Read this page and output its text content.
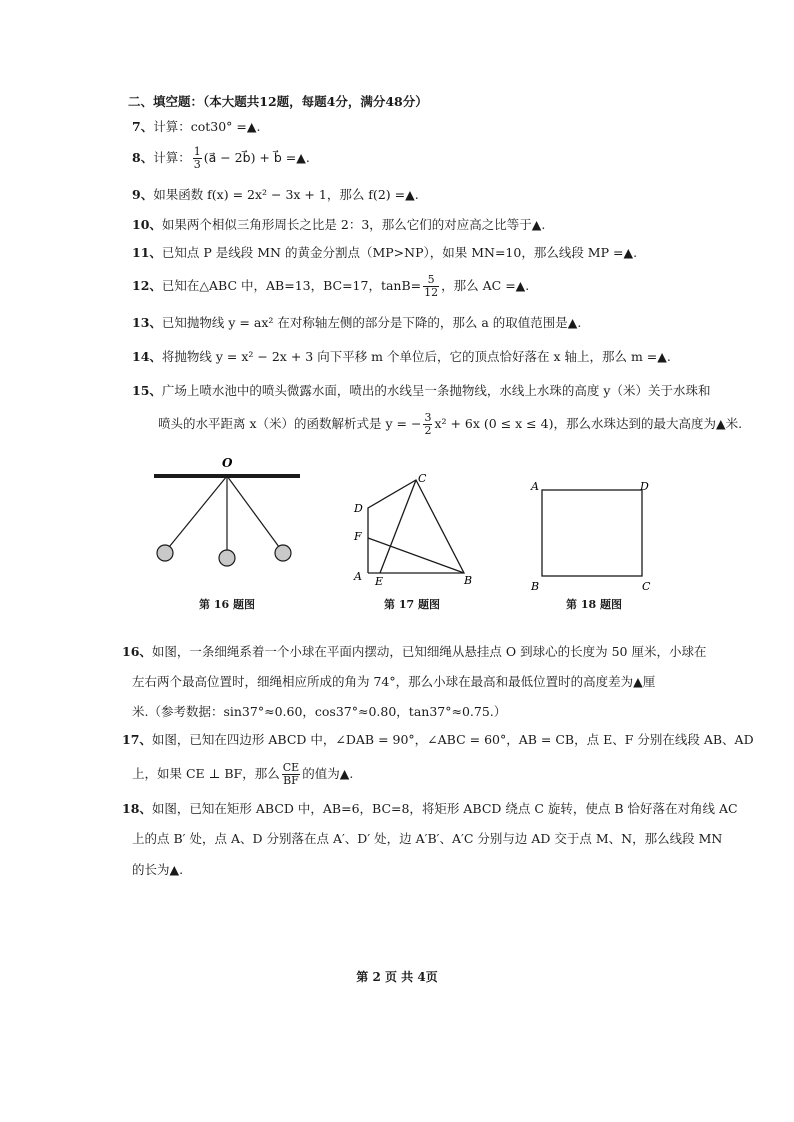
二、填空题：（本大题共12题，每题4分，满分48分）
7、计算：cot30° =▲.
8、计算： $\frac{1}{3}$ (a⃗ − 2b⃗) + b⃗ =▲.
9、如果函数 f(x) = 2x² − 3x + 1，那么 f(2) =▲.
10、如果两个相似三角形周长之比是 2：3，那么它们的对应高之比等于▲.
11、已知点 P 是线段 MN 的黄金分割点（MP>NP），如果 MN=10，那么线段 MP =▲.
12、已知在△ABC 中，AB=13，BC=17，$\tan B= \frac{5}{12}$ ，那么 AC =▲.
13、已知抛物线 y = ax² 在对称轴左侧的部分是下降的，那么 a 的取值范围是▲.
14、将抛物线 y = x² − 2x + 3 向下平移 m 个单位后，它的顶点恰好落在 x 轴上，那么 m =▲.
15、广场上喷水池中的喷头微露水面，喷出的水线呈一条抛物线，水线上水珠的高度 y（米）关于水珠和
喷头的水平距离 x（米）的函数解析式是 y = − $\frac{3}{2} x^2 + 6x$ (0 ≤ x ≤ 4)，那么水珠达到的最大高度为▲米.
O
第 16 题图
C
D
F
A E	B
第 17 题图
A	D
B	C
第 18 题图
16、如图，一条细绳系着一个小球在平面内摆动，已知细绳从悬挂点 O 到球心的长度为 50 厘米，小球在
左右两个最高位置时，细绳相应所成的角为 74°，那么小球在最高和最低位置时的高度差为▲厘
米.（参考数据：sin37°≈0.60，cos37°≈0.80，tan37°≈0.75.）
17、如图，已知在四边形 ABCD 中，∠DAB = 90°，∠ABC = 60°，AB = CB，点 E、F 分别在线段 AB、AD
上，如果 CE ⊥ BF，那么 $\frac{CE}{BF}$ 的值为▲.
18、如图，已知在矩形 ABCD 中，AB=6，BC=8，将矩形 ABCD 绕点 C 旋转，使点 B 恰好落在对角线 AC
上的点 B′ 处，点 A、D 分别落在点 A′、D′ 处，边 A′B′、A′C 分别与边 AD 交于点 M、N，那么线段 MN
的长为▲.
第 2 页 共 4页
